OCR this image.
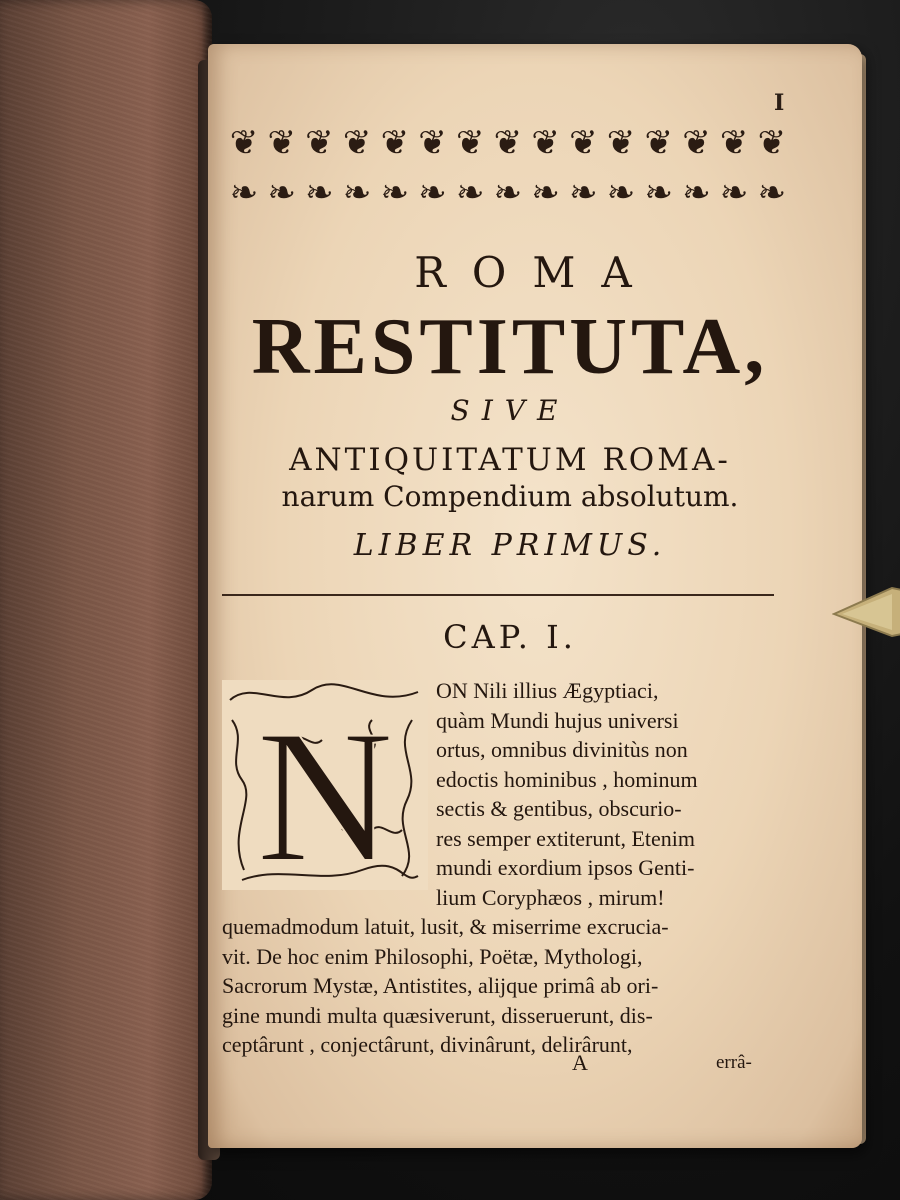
I
❦ ❦ ❦ ❦ ❦ ❦ ❦ ❦ ❦ ❦ ❦ ❦ ❦ ❦ ❦
❧ ❧ ❧ ❧ ❧ ❧ ❧ ❧ ❧ ❧ ❧ ❧ ❧ ❧ ❧
ROMA
RESTITUTA,
SIVE
ANTIQUITATUM ROMA-
narum Compendium absolutum.
LIBER PRIMUS.
CAP. I.
N
ON Nili illius Ægyptiaci,
quàm Mundi hujus universi
ortus, omnibus divinitùs non
edoctis hominibus , hominum
sectis & gentibus, obscurio-
res semper extiterunt, Etenim
mundi exordium ipsos Genti-
lium Coryphæos , mirum!
quemadmodum latuit, lusit, & miserrime excrucia-
vit. De hoc enim Philosophi, Poëtæ, Mythologi,
Sacrorum Mystæ, Antistites, alijque primâ ab ori-
gine mundi multa quæsiverunt, disseruerunt, dis-
ceptârunt , conjectârunt, divinârunt, delirârunt,
A	errâ-
